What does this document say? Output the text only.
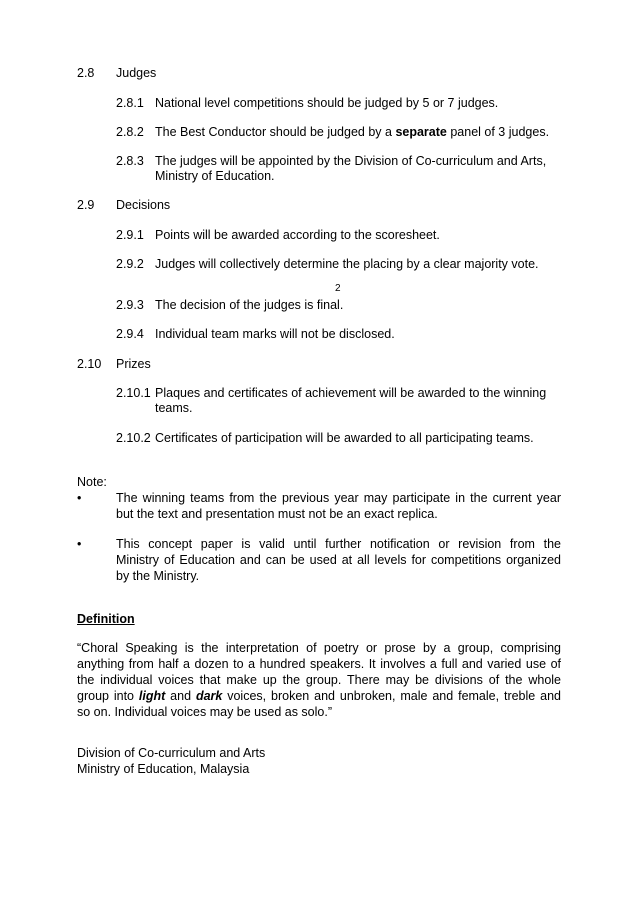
2.8 Judges

2.8.1 National level competitions should be judged by 5 or 7 judges.

2.8.2 The Best Conductor should be judged by a separate panel of 3 judges.

2.8.3 The judges will be appointed by the Division of Co-curriculum and Arts,

Ministry of Education.

2.9 Decisions

2.9.1 Points will be awarded according to the scoresheet.

2.9.2 Judges will collectively determine the placing by a clear majority vote.

2

2.9.3 The decision of the judges is final.

2.9.4 Individual team marks will not be disclosed.

2.10 Prizes

2.10.1 Plaques and certificates of achievement will be awarded to the winning

teams.

2.10.2 Certificates of participation will be awarded to all participating teams.

Note:

•	The winning teams from the previous year may participate in the current year

but the text and presentation must not be an exact replica.

•	This concept paper is valid until further notification or revision from the

Ministry of Education and can be used at all levels for competitions organized

by the Ministry.

Definition

“Choral Speaking is the interpretation of poetry or prose by a group, comprising

anything from half a dozen to a hundred speakers. It involves a full and varied use of

the individual voices that make up the group. There may be divisions of the whole

group into light and dark voices, broken and unbroken, male and female, treble and

so on. Individual voices may be used as solo.”

Division of Co-curriculum and Arts

Ministry of Education, Malaysia
